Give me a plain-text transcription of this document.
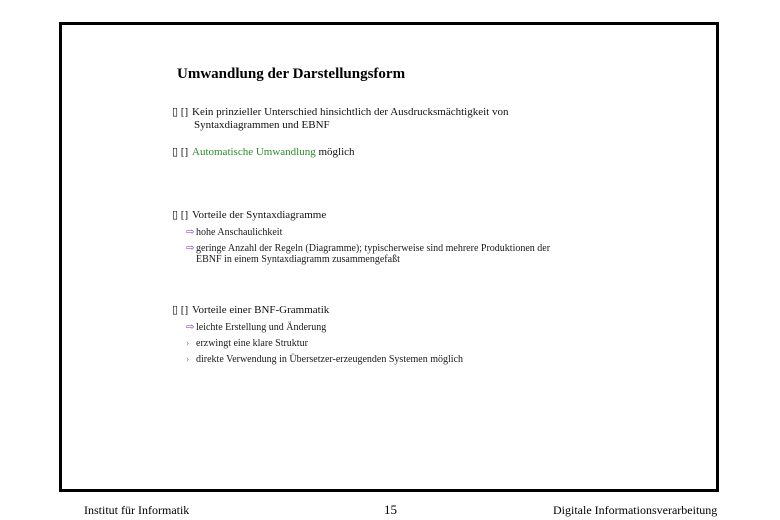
Umwandlung der Darstellungsform
▯ [] Kein prinzieller Unterschied hinsichtlich der Ausdrucksmächtigkeit von
Syntaxdiagrammen und EBNF
▯ [] Automatische Umwandlung möglich
▯ [] Vorteile der Syntaxdiagramme
⇨ hohe Anschaulichkeit
⇨ geringe Anzahl der Regeln (Diagramme); typischerweise sind mehrere Produktionen der
EBNF in einem Syntaxdiagramm zusammengefaßt
▯ [] Vorteile einer BNF-Grammatik
⇨ leichte Erstellung und Änderung
› erzwingt eine klare Struktur
› direkte Verwendung in Übersetzer-erzeugenden Systemen möglich
Institut für Informatik	15	Digitale Informationsverarbeitung
